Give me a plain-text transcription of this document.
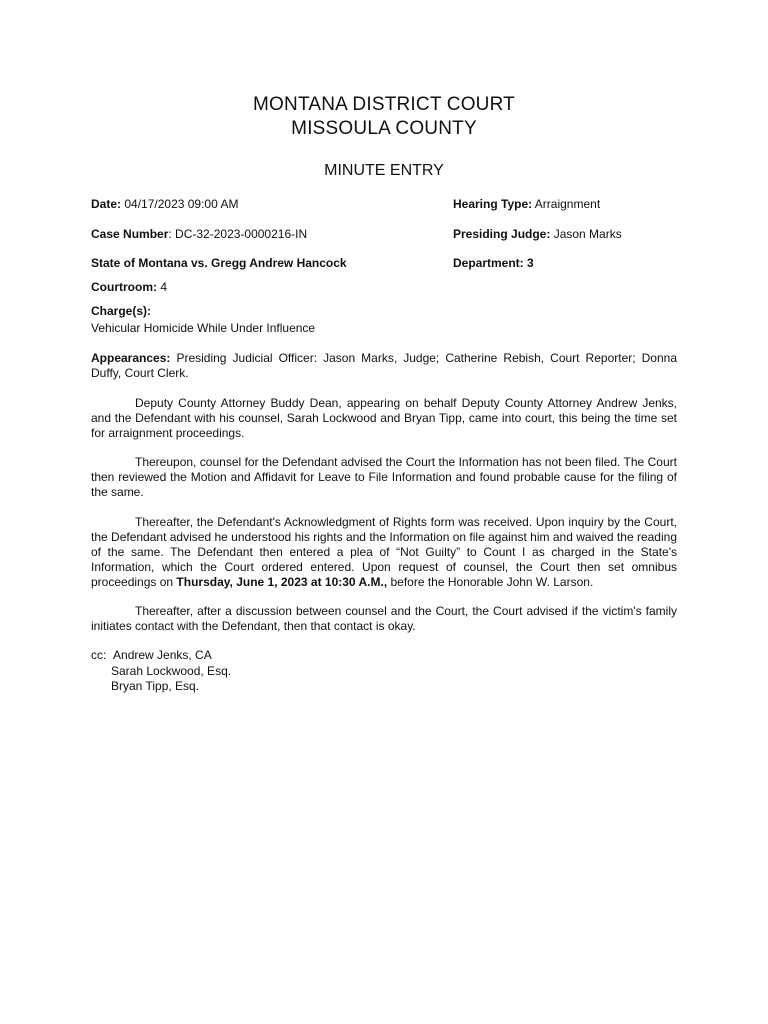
MONTANA DISTRICT COURT
MISSOULA COUNTY
MINUTE ENTRY
Date: 04/17/2023 09:00 AM	Hearing Type: Arraignment
Case Number: DC-32-2023-0000216-IN	Presiding Judge: Jason Marks
State of Montana vs. Gregg Andrew Hancock	Department: 3
Courtroom: 4
Charge(s):
Vehicular Homicide While Under Influence

Appearances: Presiding Judicial Officer: Jason Marks, Judge; Catherine Rebish, Court Reporter; Donna Duffy, Court Clerk.

Deputy County Attorney Buddy Dean, appearing on behalf Deputy County Attorney Andrew Jenks, and the Defendant with his counsel, Sarah Lockwood and Bryan Tipp, came into court, this being the time set for arraignment proceedings.

Thereupon, counsel for the Defendant advised the Court the Information has not been filed. The Court then reviewed the Motion and Affidavit for Leave to File Information and found probable cause for the filing of the same.

Thereafter, the Defendant's Acknowledgment of Rights form was received. Upon inquiry by the Court, the Defendant advised he understood his rights and the Information on file against him and waived the reading of the same. The Defendant then entered a plea of “Not Guilty” to Count I as charged in the State's Information, which the Court ordered entered. Upon request of counsel, the Court then set omnibus proceedings on Thursday, June 1, 2023 at 10:30 A.M., before the Honorable John W. Larson.

Thereafter, after a discussion between counsel and the Court, the Court advised if the victim's family initiates contact with the Defendant, then that contact is okay.

cc: Andrew Jenks, CA
Sarah Lockwood, Esq.
Bryan Tipp, Esq.
